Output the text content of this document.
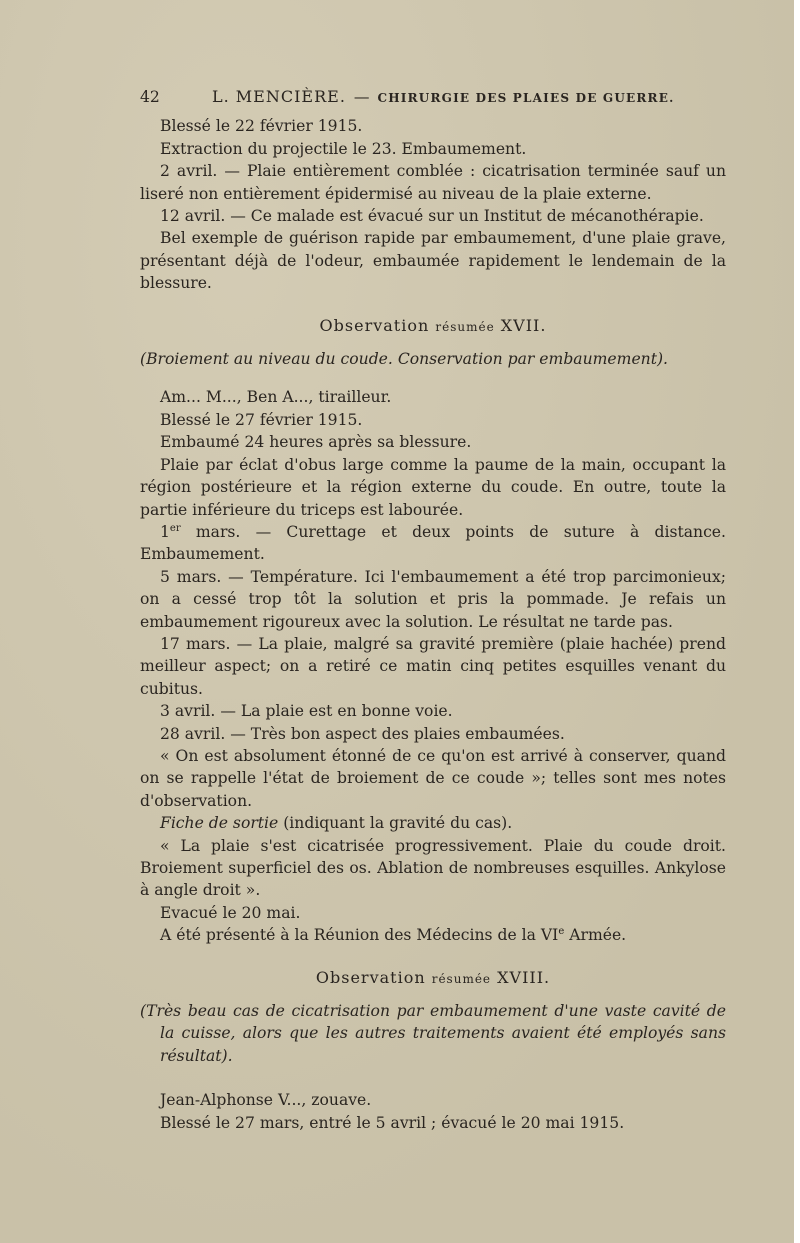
42	L. MENCIÈRE. — CHIRURGIE DES PLAIES DE GUERRE.

Blessé le 22 février 1915.

Extraction du projectile le 23. Embaumement.

2 avril. — Plaie entièrement comblée : cicatrisation terminée sauf un liseré non entièrement épidermisé au niveau de la plaie externe.

12 avril. — Ce malade est évacué sur un Institut de mécanothérapie.

Bel exemple de guérison rapide par embaumement, d'une plaie grave, présentant déjà de l'odeur, embaumée rapidement le lendemain de la blessure.

Observation résumée XVII.

(Broiement au niveau du coude. Conservation par embaumement).

Am... M..., Ben A..., tirailleur.

Blessé le 27 février 1915.

Embaumé 24 heures après sa blessure.

Plaie par éclat d'obus large comme la paume de la main, occupant la région postérieure et la région externe du coude. En outre, toute la partie inférieure du triceps est labourée.

1er mars. — Curettage et deux points de suture à distance. Embaumement.

5 mars. — Température. Ici l'embaumement a été trop parcimonieux; on a cessé trop tôt la solution et pris la pommade. Je refais un embaumement rigoureux avec la solution. Le résultat ne tarde pas.

17 mars. — La plaie, malgré sa gravité première (plaie hachée) prend meilleur aspect; on a retiré ce matin cinq petites esquilles venant du cubitus.

3 avril. — La plaie est en bonne voie.

28 avril. — Très bon aspect des plaies embaumées.

« On est absolument étonné de ce qu'on est arrivé à conserver, quand on se rappelle l'état de broiement de ce coude »; telles sont mes notes d'observation.

Fiche de sortie (indiquant la gravité du cas).

« La plaie s'est cicatrisée progressivement. Plaie du coude droit. Broiement superficiel des os. Ablation de nombreuses esquilles. Ankylose à angle droit ».

Evacué le 20 mai.

A été présenté à la Réunion des Médecins de la VIe Armée.

Observation résumée XVIII.

(Très beau cas de cicatrisation par embaumement d'une vaste cavité de la cuisse, alors que les autres traitements avaient été employés sans résultat).

Jean-Alphonse V..., zouave.

Blessé le 27 mars, entré le 5 avril ; évacué le 20 mai 1915.
